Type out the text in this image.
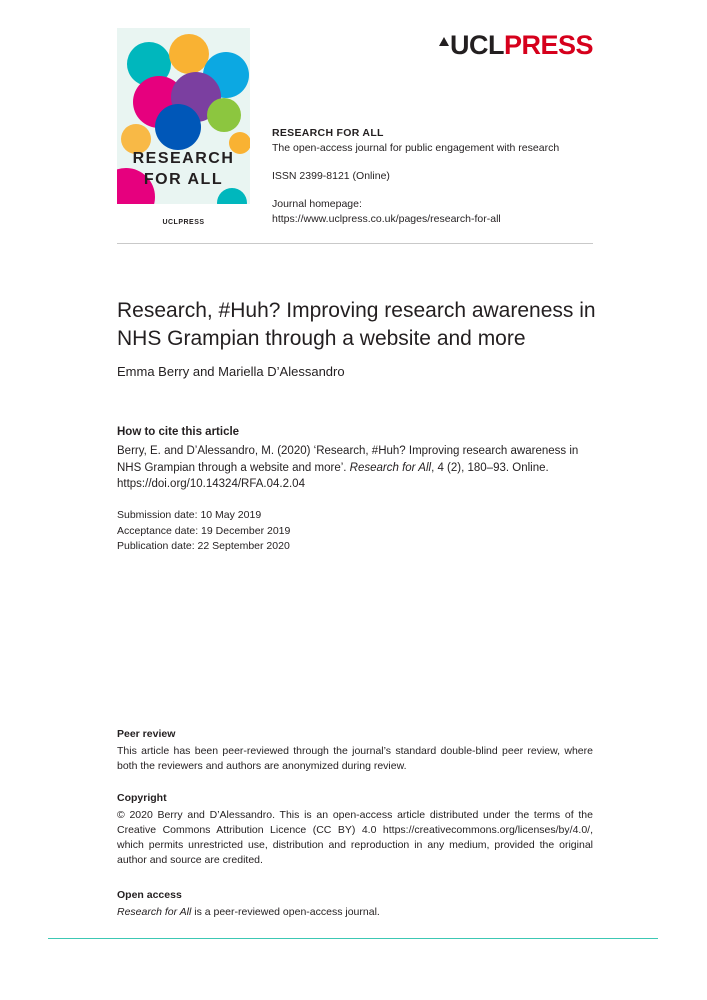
RESEARCH
FOR ALL
UCLPRESS
UCLPRESS
RESEARCH FOR ALL
The open-access journal for public engagement with research
ISSN 2399-8121 (Online)
Journal homepage:
https://www.uclpress.co.uk/pages/research-for-all
Research, #Huh? Improving research awareness in NHS Grampian through a website and more
Emma Berry and Mariella D’Alessandro
How to cite this article
Berry, E. and D’Alessandro, M. (2020) ‘Research, #Huh? Improving research awareness in NHS Grampian through a website and more’. Research for All, 4 (2), 180–93. Online. https://doi.org/10.14324/RFA.04.2.04
Submission date: 10 May 2019
Acceptance date: 19 December 2019
Publication date: 22 September 2020
Peer review

This article has been peer-reviewed through the journal’s standard double-blind peer review, where both the reviewers and authors are anonymized during review.

Copyright

© 2020 Berry and D’Alessandro. This is an open-access article distributed under the terms of the Creative Commons Attribution Licence (CC BY) 4.0 https://creativecommons.org/licenses/by/4.0/, which permits unrestricted use, distribution and reproduction in any medium, provided the original author and source are credited.

Open access

Research for All is a peer-reviewed open-access journal.
